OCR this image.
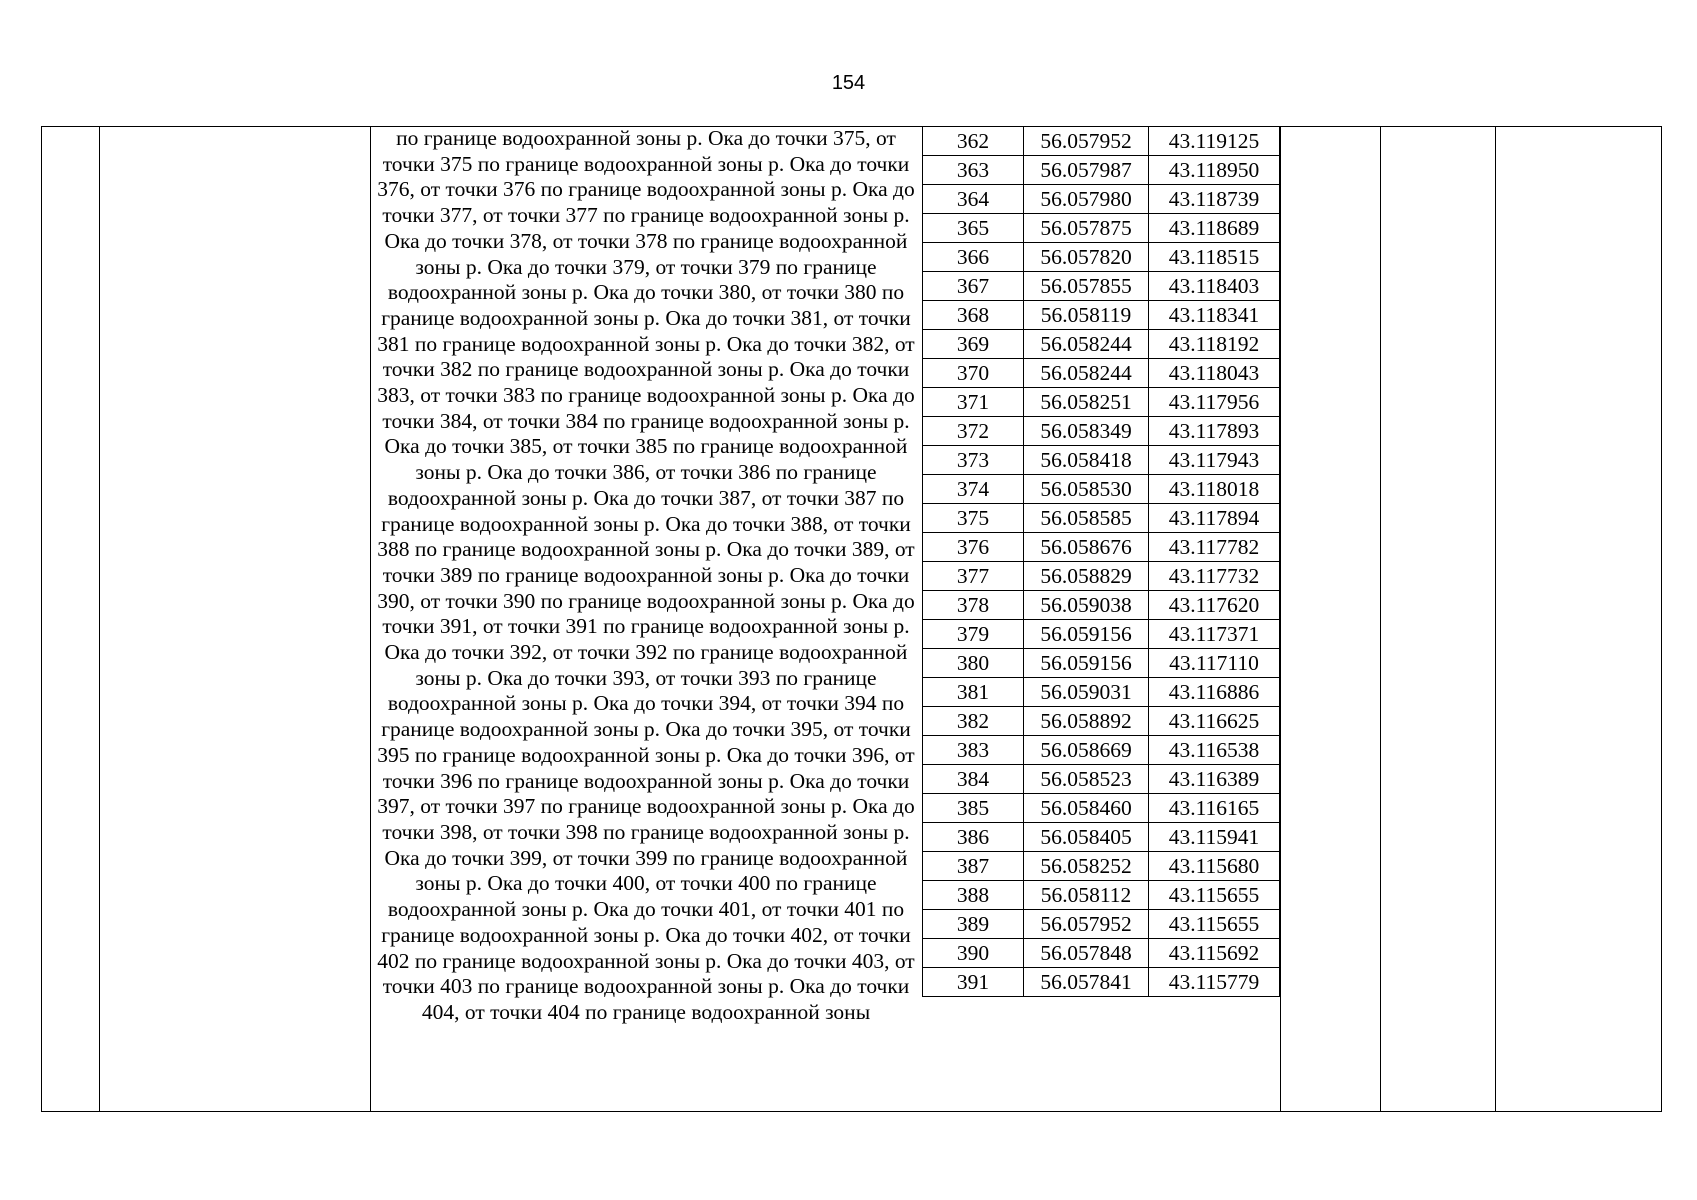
154
по границе водоохранной зоны р. Ока до точки 375, от точки 375 по границе водоохранной зоны р. Ока до точки 376, от точки 376 по границе водоохранной зоны р. Ока до точки 377, от точки 377 по границе водоохранной зоны р. Ока до точки 378, от точки 378 по границе водоохранной зоны р. Ока до точки 379, от точки 379 по границе водоохранной зоны р. Ока до точки 380, от точки 380 по границе водоохранной зоны р. Ока до точки 381, от точки 381 по границе водоохранной зоны р. Ока до точки 382, от точки 382 по границе водоохранной зоны р. Ока до точки 383, от точки 383 по границе водоохранной зоны р. Ока до точки 384, от точки 384 по границе водоохранной зоны р. Ока до точки 385, от точки 385 по границе водоохранной зоны р. Ока до точки 386, от точки 386 по границе водоохранной зоны р. Ока до точки 387, от точки 387 по границе водоохранной зоны р. Ока до точки 388, от точки 388 по границе водоохранной зоны р. Ока до точки 389, от точки 389 по границе водоохранной зоны р. Ока до точки 390, от точки 390 по границе водоохранной зоны р. Ока до точки 391, от точки 391 по границе водоохранной зоны р. Ока до точки 392, от точки 392 по границе водоохранной зоны р. Ока до точки 393, от точки 393 по границе водоохранной зоны р. Ока до точки 394, от точки 394 по границе водоохранной зоны р. Ока до точки 395, от точки 395 по границе водоохранной зоны р. Ока до точки 396, от точки 396 по границе водоохранной зоны р. Ока до точки 397, от точки 397 по границе водоохранной зоны р. Ока до точки 398, от точки 398 по границе водоохранной зоны р. Ока до точки 399, от точки 399 по границе водоохранной зоны р. Ока до точки 400, от точки 400 по границе водоохранной зоны р. Ока до точки 401, от точки 401 по границе водоохранной зоны р. Ока до точки 402, от точки 402 по границе водоохранной зоны р. Ока до точки 403, от точки 403 по границе водоохранной зоны р. Ока до точки 404, от точки 404 по границе водоохранной зоны
362	56.057952	43.119125
363	56.057987	43.118950
364	56.057980	43.118739
365	56.057875	43.118689
366	56.057820	43.118515
367	56.057855	43.118403
368	56.058119	43.118341
369	56.058244	43.118192
370	56.058244	43.118043
371	56.058251	43.117956
372	56.058349	43.117893
373	56.058418	43.117943
374	56.058530	43.118018
375	56.058585	43.117894
376	56.058676	43.117782
377	56.058829	43.117732
378	56.059038	43.117620
379	56.059156	43.117371
380	56.059156	43.117110
381	56.059031	43.116886
382	56.058892	43.116625
383	56.058669	43.116538
384	56.058523	43.116389
385	56.058460	43.116165
386	56.058405	43.115941
387	56.058252	43.115680
388	56.058112	43.115655
389	56.057952	43.115655
390	56.057848	43.115692
391	56.057841	43.115779
